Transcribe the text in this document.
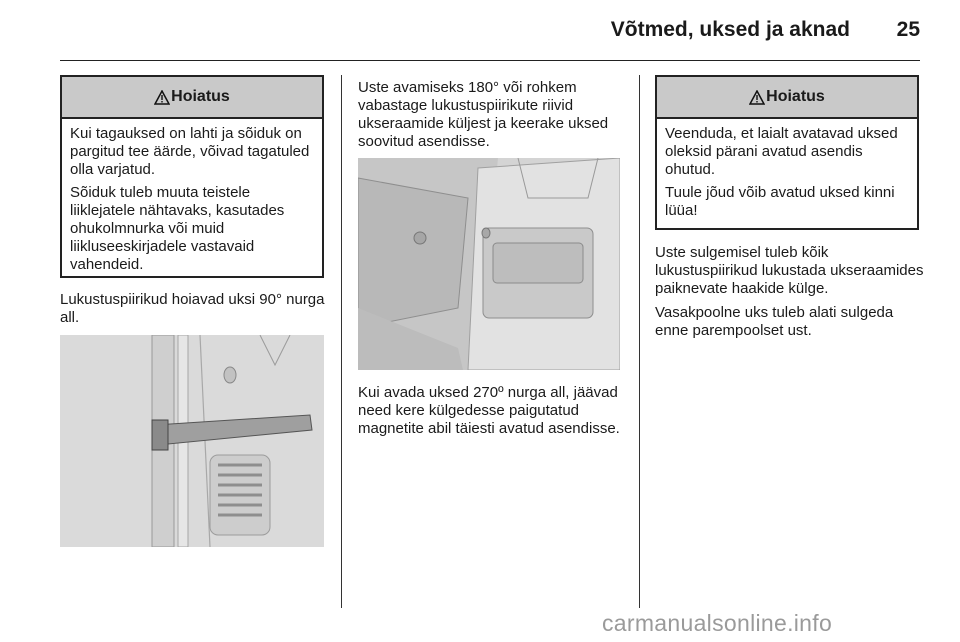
Võtmed, uksed ja aknad	25
Hoiatus

Kui tagauksed on lahti ja sõiduk on pargitud tee äärde, võivad tagatuled olla varjatud.

Sõiduk tuleb muuta teistele liiklejatele nähtavaks, kasutades ohukolmnurka või muid liikluseeskirjadele vastavaid vahendeid.

Lukustuspiirikud hoiavad uksi 90° nurga all.

Uste avamiseks 180° või rohkem vabastage lukustuspiirikute riivid ukseraamide küljest ja keerake uksed soovitud asendisse.

Kui avada uksed 270º nurga all, jäävad need kere külgedesse paigutatud magnetite abil täiesti avatud asendisse.

Hoiatus

Veenduda, et laialt avatavad uksed oleksid pärani avatud asendis ohutud.

Tuule jõud võib avatud uksed kinni lüüa!

Uste sulgemisel tuleb kõik lukustuspiirikud lukustada ukseraamides paiknevate haakide külge.

Vasakpoolne uks tuleb alati sulgeda enne parempoolset ust.

carmanualsonline.info
